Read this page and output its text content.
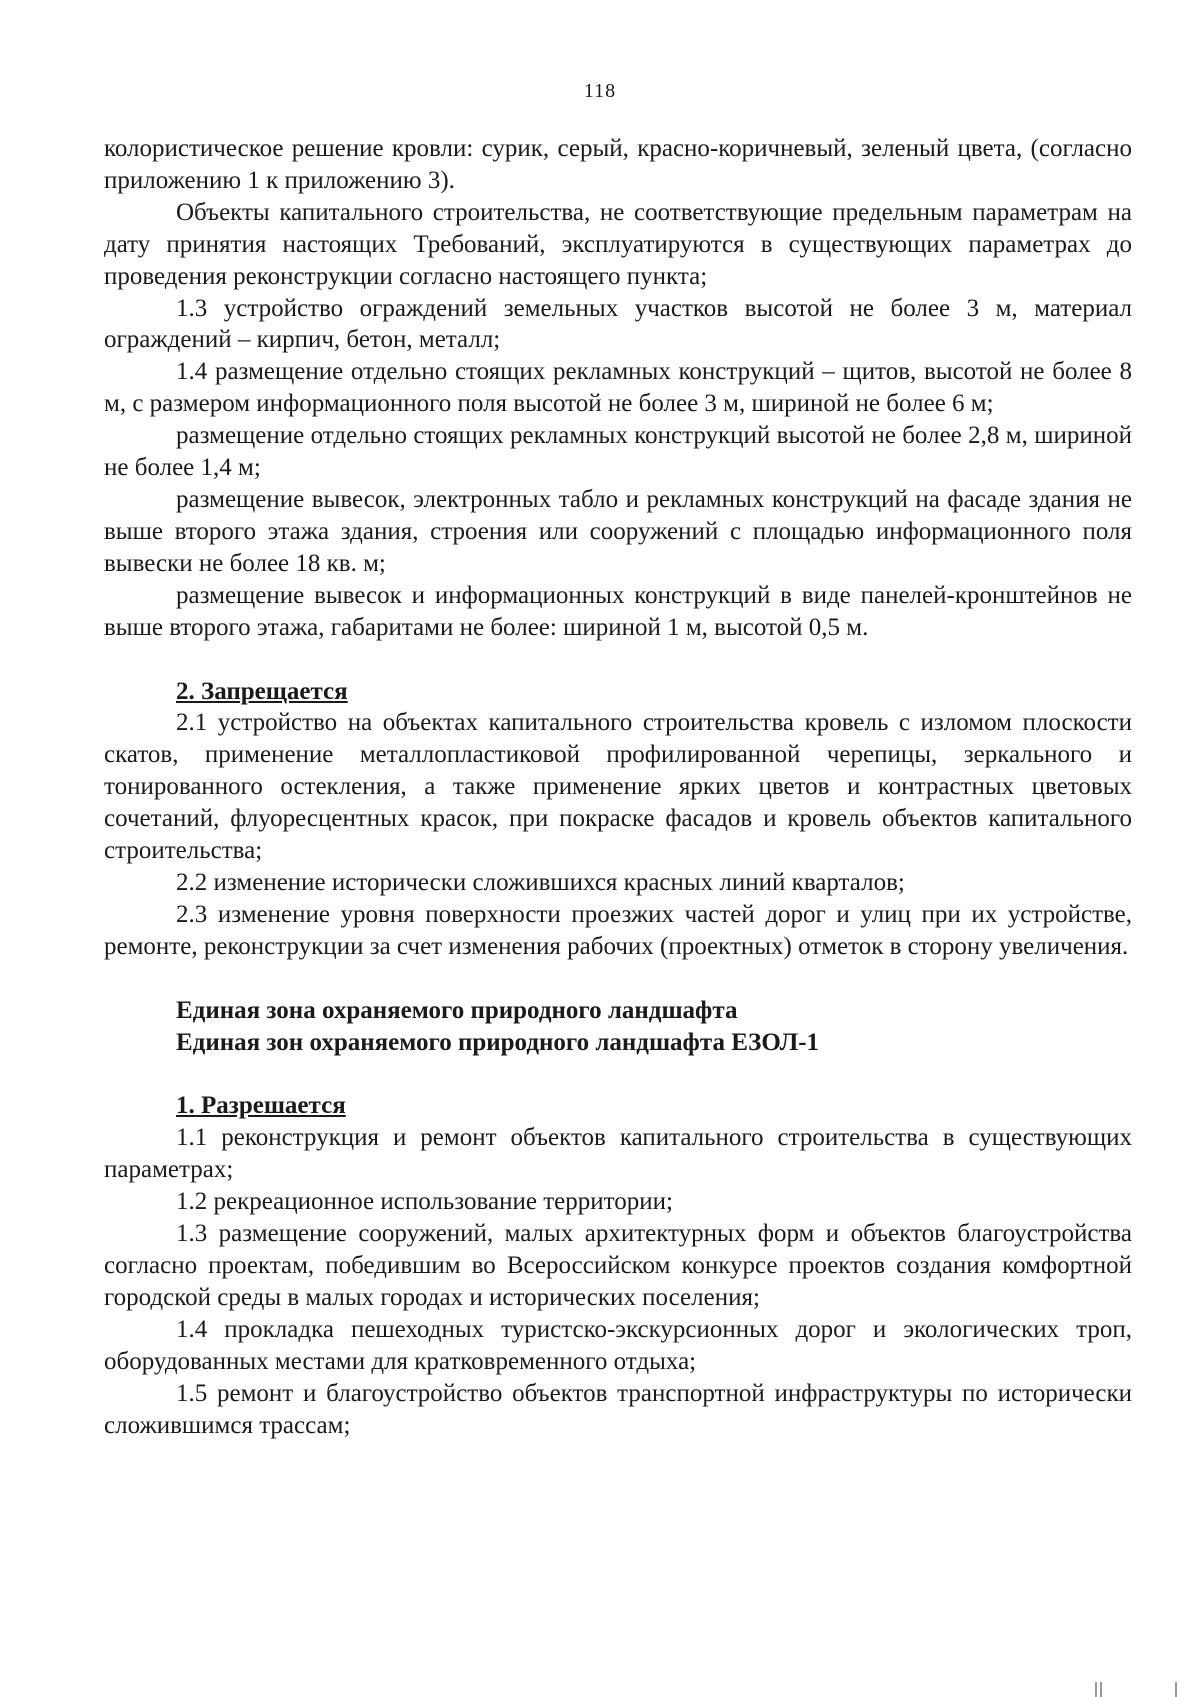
118

колористическое решение кровли: сурик, серый, красно-коричневый, зеленый цвета, (согласно приложению 1 к приложению 3).

Объекты капитального строительства, не соответствующие предельным параметрам на дату принятия настоящих Требований, эксплуатируются в существующих параметрах до проведения реконструкции согласно настоящего пункта;

1.3 устройство ограждений земельных участков высотой не более 3 м, материал ограждений – кирпич, бетон, металл;

1.4 размещение отдельно стоящих рекламных конструкций – щитов, высотой не более 8 м, с размером информационного поля высотой не более 3 м, шириной не более 6 м;

размещение отдельно стоящих рекламных конструкций высотой не более 2,8 м, шириной не более 1,4 м;

размещение вывесок, электронных табло и рекламных конструкций на фасаде здания не выше второго этажа здания, строения или сооружений с площадью информационного поля вывески не более 18 кв. м;

размещение вывесок и информационных конструкций в виде панелей-кронштейнов не выше второго этажа, габаритами не более: шириной 1 м, высотой 0,5 м.

2. Запрещается

2.1 устройство на объектах капитального строительства кровель с изломом плоскости скатов, применение металлопластиковой профилированной черепицы, зеркального и тонированного остекления, а также применение ярких цветов и контрастных цветовых сочетаний, флуоресцентных красок, при покраске фасадов и кровель объектов капитального строительства;

2.2 изменение исторически сложившихся красных линий кварталов;

2.3 изменение уровня поверхности проезжих частей дорог и улиц при их устройстве, ремонте, реконструкции за счет изменения рабочих (проектных) отметок в сторону увеличения.

Единая зона охраняемого природного ландшафта
Единая зон охраняемого природного ландшафта ЕЗОЛ-1
1. Разрешается

1.1 реконструкция и ремонт объектов капитального строительства в существующих параметрах;

1.2 рекреационное использование территории;

1.3 размещение сооружений, малых архитектурных форм и объектов благоустройства согласно проектам, победившим во Всероссийском конкурсе проектов создания комфортной городской среды в малых городах и исторических поселения;

1.4 прокладка пешеходных туристско-экскурсионных дорог и экологических троп, оборудованных местами для кратковременного отдыха;

1.5 ремонт и благоустройство объектов транспортной инфраструктуры по исторически сложившимся трассам;
